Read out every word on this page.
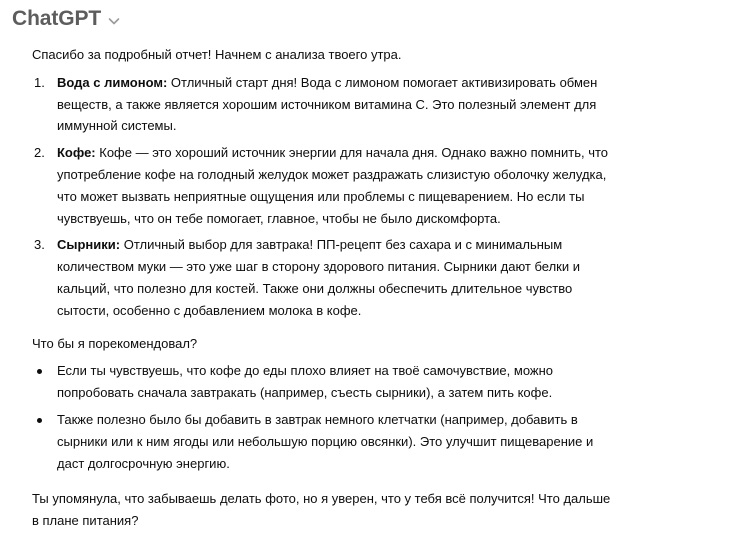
ChatGPT

Спасибо за подробный отчет! Начнем с анализа твоего утра.

1. Вода с лимоном: Отличный старт дня! Вода с лимоном помогает активизировать обмен веществ, а также является хорошим источником витамина C. Это полезный элемент для иммунной системы.
2. Кофе: Кофе — это хороший источник энергии для начала дня. Однако важно помнить, что употребление кофе на голодный желудок может раздражать слизистую оболочку желудка, что может вызвать неприятные ощущения или проблемы с пищеварением. Но если ты чувствуешь, что он тебе помогает, главное, чтобы не было дискомфорта.
3. Сырники: Отличный выбор для завтрака! ПП-рецепт без сахара и с минимальным количеством муки — это уже шаг в сторону здорового питания. Сырники дают белки и кальций, что полезно для костей. Также они должны обеспечить длительное чувство сытости, особенно с добавлением молока в кофе.

Что бы я порекомендовал?

Если ты чувствуешь, что кофе до еды плохо влияет на твоё самочувствие, можно попробовать сначала завтракать (например, съесть сырники), а затем пить кофе.
Также полезно было бы добавить в завтрак немного клетчатки (например, добавить в сырники или к ним ягоды или небольшую порцию овсянки). Это улучшит пищеварение и даст долгосрочную энергию.

Ты упомянула, что забываешь делать фото, но я уверен, что у тебя всё получится! Что дальше в плане питания?
